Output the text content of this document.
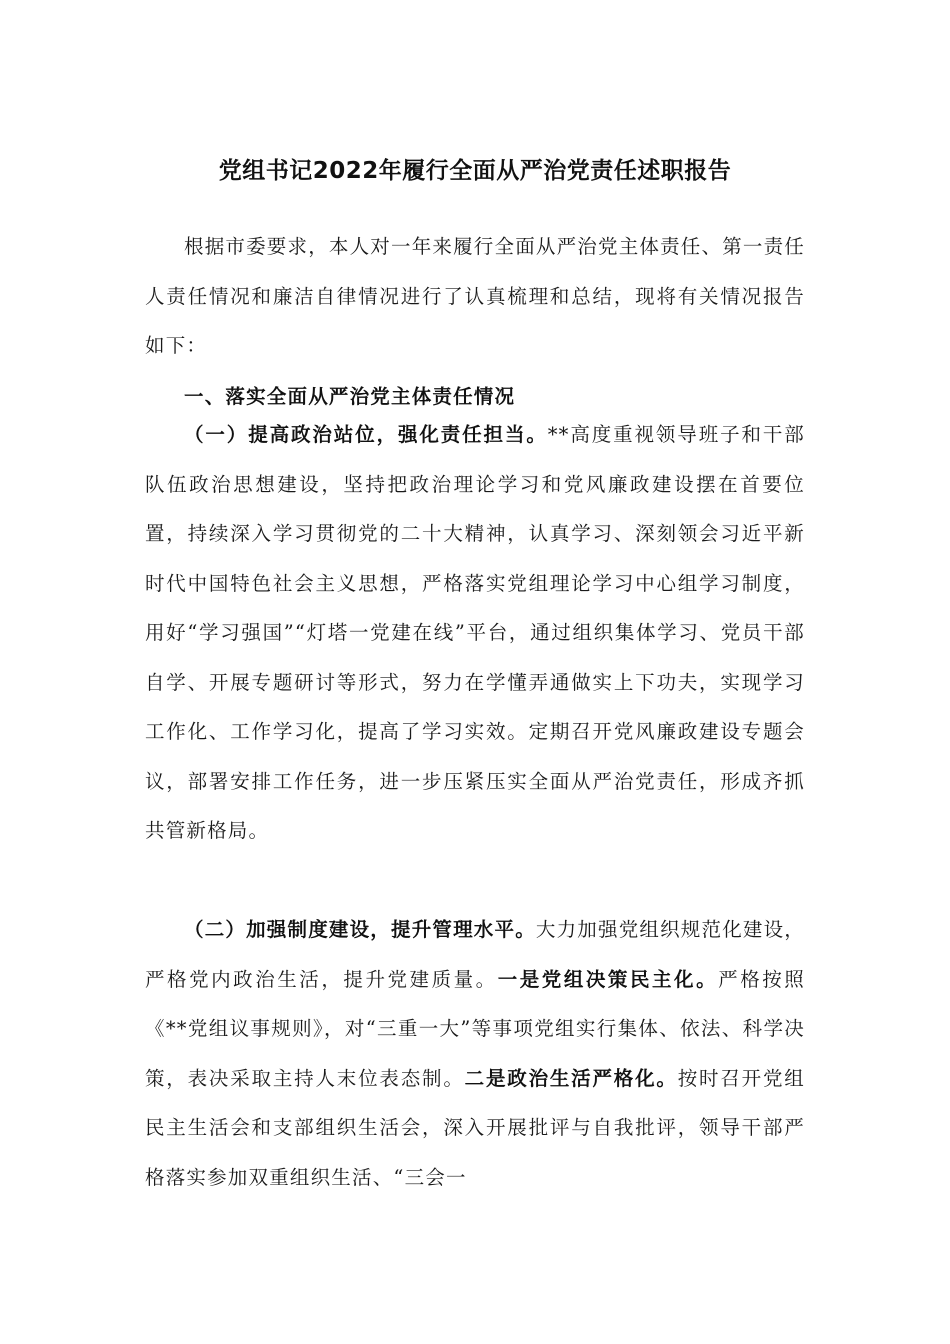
党组书记2022年履行全面从严治党责任述职报告

根据市委要求，本人对一年来履行全面从严治党主体责任、第一责任人责任情况和廉洁自律情况进行了认真梳理和总结，现将有关情况报告如下：

一、落实全面从严治党主体责任情况

（一）提高政治站位，强化责任担当。**高度重视领导班子和干部队伍政治思想建设，坚持把政治理论学习和党风廉政建设摆在首要位置，持续深入学习贯彻党的二十大精神，认真学习、深刻领会习近平新时代中国特色社会主义思想，严格落实党组理论学习中心组学习制度，用好“学习强国”“灯塔一党建在线”平台，通过组织集体学习、党员干部自学、开展专题研讨等形式，努力在学懂弄通做实上下功夫，实现学习工作化、工作学习化，提高了学习实效。定期召开党风廉政建设专题会议，部署安排工作任务，进一步压紧压实全面从严治党责任，形成齐抓共管新格局。

（二）加强制度建设，提升管理水平。大力加强党组织规范化建设，严格党内政治生活，提升党建质量。一是党组决策民主化。严格按照《**党组议事规则》，对“三重一大”等事项党组实行集体、依法、科学决策，表决采取主持人末位表态制。二是政治生活严格化。按时召开党组民主生活会和支部组织生活会，深入开展批评与自我批评，领导干部严格落实参加双重组织生活、“三会一
